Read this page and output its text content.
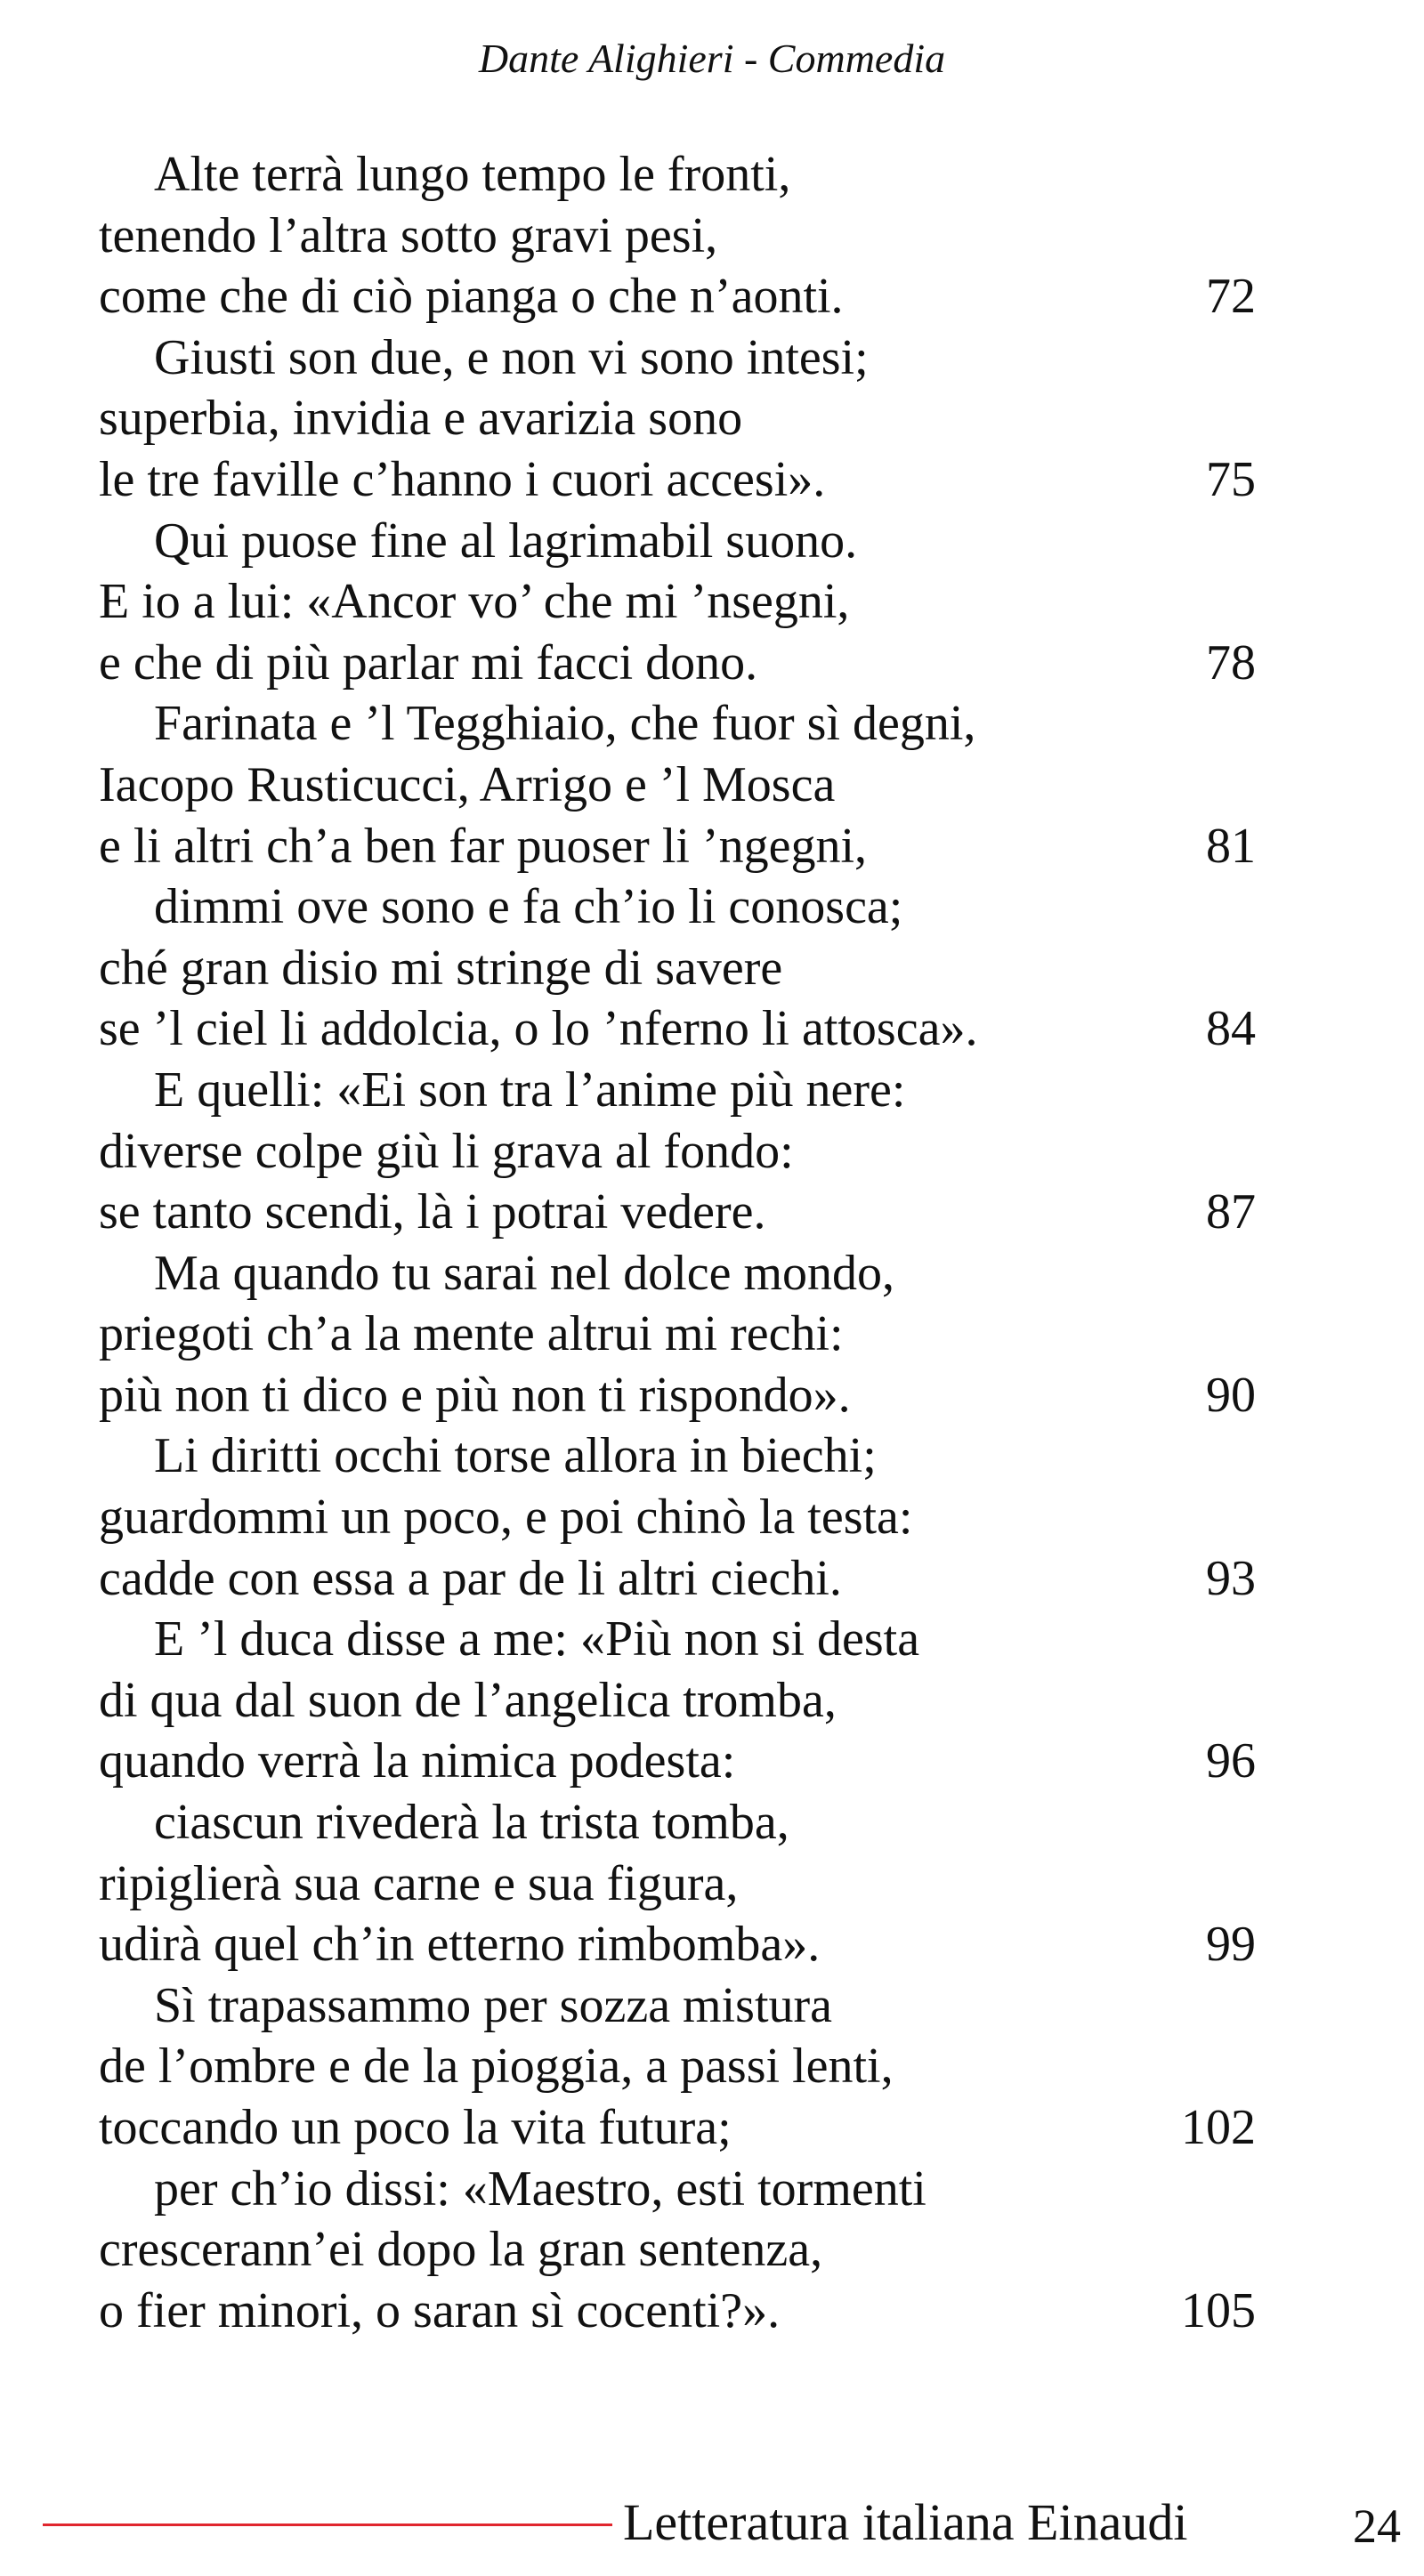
Dante Alighieri - Commedia
Alte terrà lungo tempo le fronti,
tenendo l’altra sotto gravi pesi,
come che di ciò pianga o che n’aonti.	72
Giusti son due, e non vi sono intesi;
superbia, invidia e avarizia sono
le tre faville c’hanno i cuori accesi».	75
Qui puose fine al lagrimabil suono.
E io a lui: «Ancor vo’ che mi ’nsegni,
e che di più parlar mi facci dono.	78
Farinata e ’l Tegghiaio, che fuor sì degni,
Iacopo Rusticucci, Arrigo e ’l Mosca
e li altri ch’a ben far puoser li ’ngegni,	81
dimmi ove sono e fa ch’io li conosca;
ché gran disio mi stringe di savere
se ’l ciel li addolcia, o lo ’nferno li attosca».	84
E quelli: «Ei son tra l’anime più nere:
diverse colpe giù li grava al fondo:
se tanto scendi, là i potrai vedere.	87
Ma quando tu sarai nel dolce mondo,
priegoti ch’a la mente altrui mi rechi:
più non ti dico e più non ti rispondo».	90
Li diritti occhi torse allora in biechi;
guardommi un poco, e poi chinò la testa:
cadde con essa a par de li altri ciechi.	93
E ’l duca disse a me: «Più non si desta
di qua dal suon de l’angelica tromba,
quando verrà la nimica podesta:	96
ciascun rivederà la trista tomba,
ripiglierà sua carne e sua figura,
udirà quel ch’in etterno rimbomba».	99
Sì trapassammo per sozza mistura
de l’ombre e de la pioggia, a passi lenti,
toccando un poco la vita futura;	102
per ch’io dissi: «Maestro, esti tormenti
crescerann’ei dopo la gran sentenza,
o fier minori, o saran sì cocenti?».	105
Letteratura italiana Einaudi	24
